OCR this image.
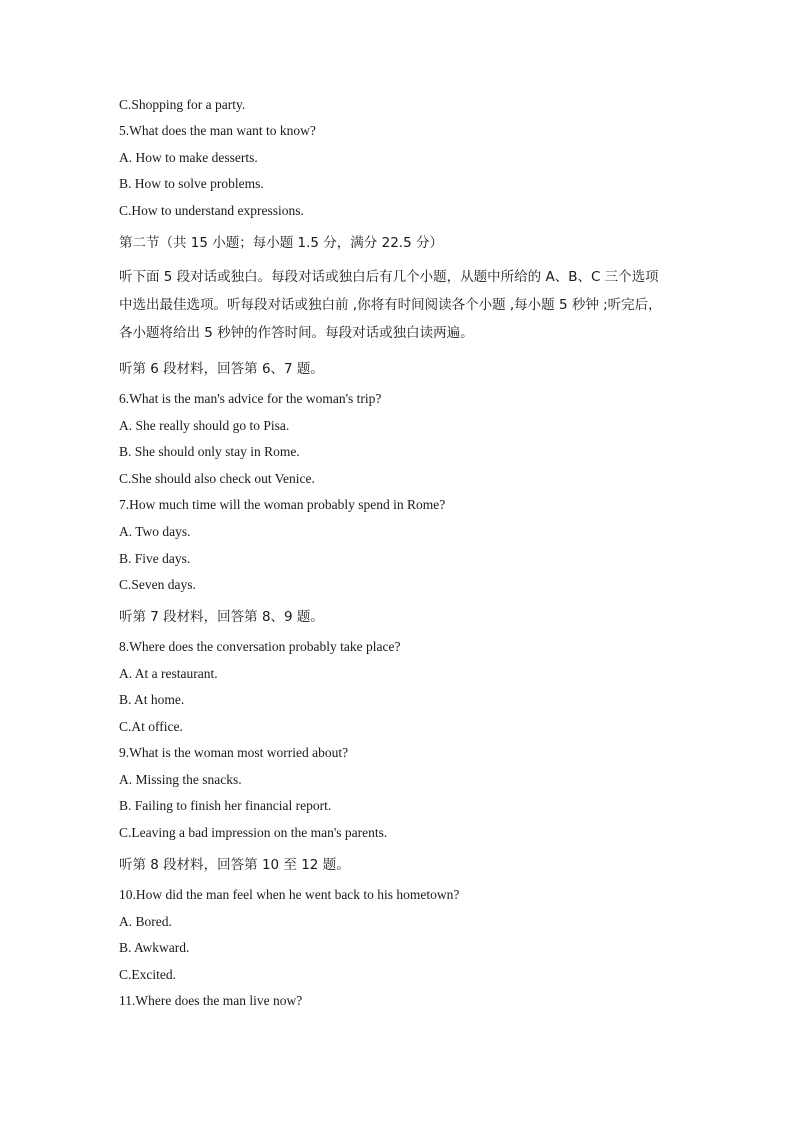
C.Shopping for a party.
5.What does the man want to know?
A. How to make desserts.
B. How to solve problems.
C.How to understand expressions.
第二节（共 15 小题；每小题 1.5 分，满分 22.5 分）
听下面 5 段对话或独白。每段对话或独白后有几个小题，从题中所给的 A、B、C 三个选项
中选出最佳选项。听每段对话或独白前 ,你将有时间阅读各个小题 ,每小题 5 秒钟 ;听完后，
各小题将给出 5 秒钟的作答时间。每段对话或独白读两遍。
听第 6 段材料，回答第 6、7 题。
6.What is the man's advice for the woman's trip?
A. She really should go to Pisa.
B. She should only stay in Rome.
C.She should also check out Venice.
7.How much time will the woman probably spend in Rome?
A. Two days.
B. Five days.
C.Seven days.
听第 7 段材料，回答第 8、9 题。
8.Where does the conversation probably take place?
A. At a restaurant.
B. At home.
C.At office.
9.What is the woman most worried about?
A. Missing the snacks.
B. Failing to finish her financial report.
C.Leaving a bad impression on the man's parents.
听第 8 段材料，回答第 10 至 12 题。
10.How did the man feel when he went back to his hometown?
A. Bored.
B. Awkward.
C.Excited.
11.Where does the man live now?
